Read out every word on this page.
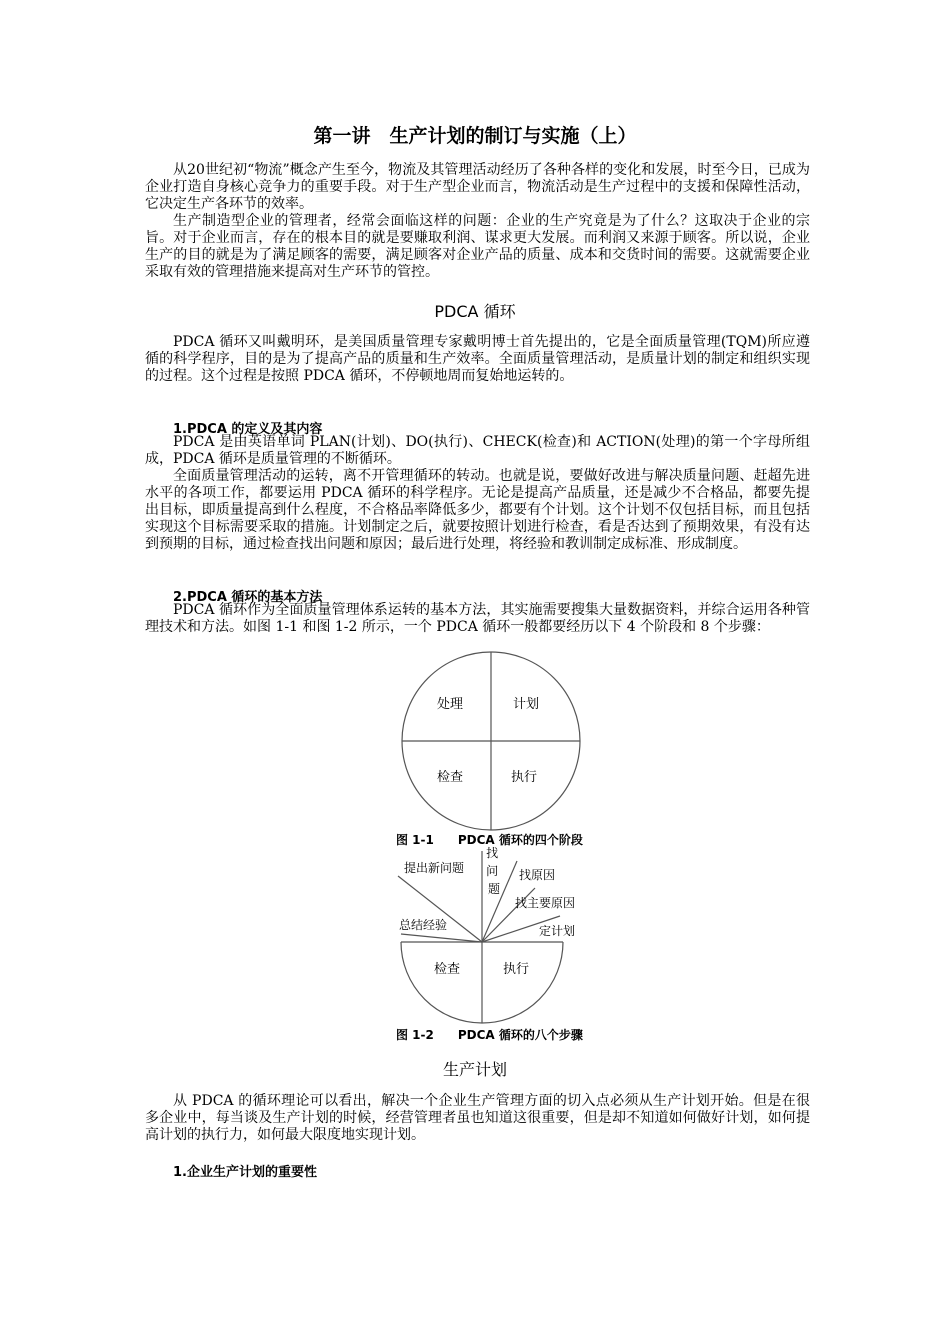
第一讲　生产计划的制订与实施（上）

从20世纪初“物流”概念产生至今，物流及其管理活动经历了各种各样的变化和发展，时至今日，已成为企业打造自身核心竞争力的重要手段。对于生产型企业而言，物流活动是生产过程中的支援和保障性活动，它决定生产各环节的效率。

生产制造型企业的管理者，经常会面临这样的问题：企业的生产究竟是为了什么？这取决于企业的宗旨。对于企业而言，存在的根本目的就是要赚取利润、谋求更大发展。而利润又来源于顾客。所以说，企业生产的目的就是为了满足顾客的需要，满足顾客对企业产品的质量、成本和交货时间的需要。这就需要企业采取有效的管理措施来提高对生产环节的管控。

PDCA 循环

PDCA 循环又叫戴明环，是美国质量管理专家戴明博士首先提出的，它是全面质量管理(TQM)所应遵循的科学程序，目的是为了提高产品的质量和生产效率。全面质量管理活动，是质量计划的制定和组织实现的过程。这个过程是按照 PDCA 循环，不停顿地周而复始地运转的。

1.PDCA 的定义及其内容

PDCA 是由英语单词 PLAN(计划)、DO(执行)、CHECK(检查)和 ACTION(处理)的第一个字母所组成，PDCA 循环是质量管理的不断循环。

全面质量管理活动的运转，离不开管理循环的转动。也就是说，要做好改进与解决质量问题、赶超先进水平的各项工作，都要运用 PDCA 循环的科学程序。无论是提高产品质量，还是减少不合格品，都要先提出目标，即质量提高到什么程度，不合格品率降低多少，都要有个计划。这个计划不仅包括目标，而且包括实现这个目标需要采取的措施。计划制定之后，就要按照计划进行检查，看是否达到了预期效果，有没有达到预期的目标，通过检查找出问题和原因；最后进行处理，将经验和教训制定成标准、形成制度。

2.PDCA 循环的基本方法

PDCA 循环作为全面质量管理体系运转的基本方法，其实施需要搜集大量数据资料，并综合运用各种管理技术和方法。如图 1-1 和图 1-2 所示，一个 PDCA 循环一般都要经历以下 4 个阶段和 8 个步骤：

处理	计划
检查	执行
提出新问题
找 问 题
找原因
找主要原因
定计划
总结经验
检查	执行
图 1-1　　PDCA 循环的四个阶段
图 1-2　　PDCA 循环的八个步骤
生产计划

从 PDCA 的循环理论可以看出，解决一个企业生产管理方面的切入点必须从生产计划开始。但是在很多企业中，每当谈及生产计划的时候，经营管理者虽也知道这很重要，但是却不知道如何做好计划，如何提高计划的执行力，如何最大限度地实现计划。

1.企业生产计划的重要性
